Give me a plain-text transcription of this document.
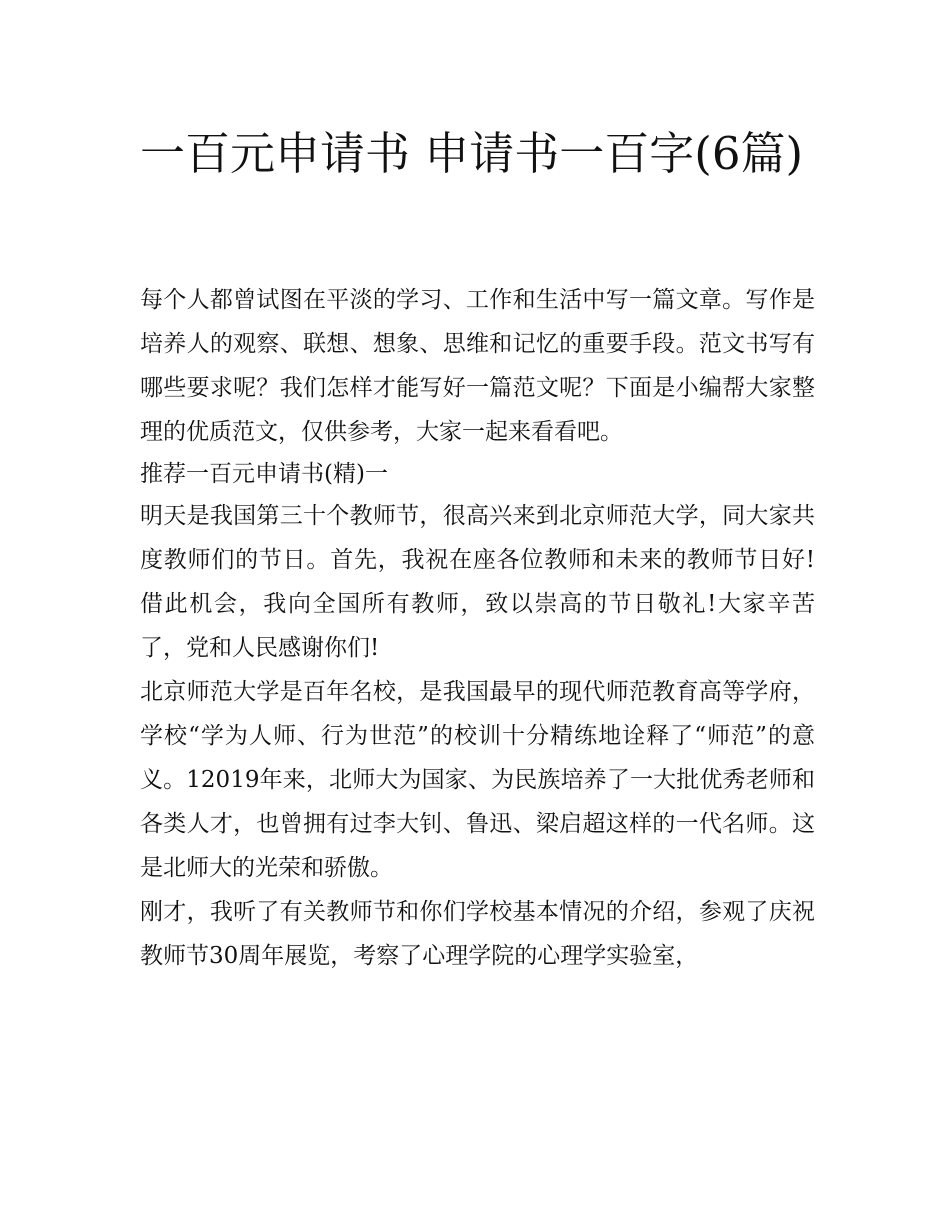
一百元申请书 申请书一百字(6篇)

每个人都曾试图在平淡的学习、工作和生活中写一篇文章。写作是培养人的观察、联想、想象、思维和记忆的重要手段。范文书写有哪些要求呢？我们怎样才能写好一篇范文呢？下面是小编帮大家整理的优质范文，仅供参考，大家一起来看看吧。

推荐一百元申请书(精)一

明天是我国第三十个教师节，很高兴来到北京师范大学，同大家共度教师们的节日。首先，我祝在座各位教师和未来的教师节日好!借此机会，我向全国所有教师，致以崇高的节日敬礼!大家辛苦了，党和人民感谢你们!

北京师范大学是百年名校，是我国最早的现代师范教育高等学府，学校“学为人师、行为世范”的校训十分精练地诠释了“师范”的意义。12019年来，北师大为国家、为民族培养了一大批优秀老师和各类人才，也曾拥有过李大钊、鲁迅、梁启超这样的一代名师。这是北师大的光荣和骄傲。

刚才，我听了有关教师节和你们学校基本情况的介绍，参观了庆祝教师节30周年展览，考察了心理学院的心理学实验室，
